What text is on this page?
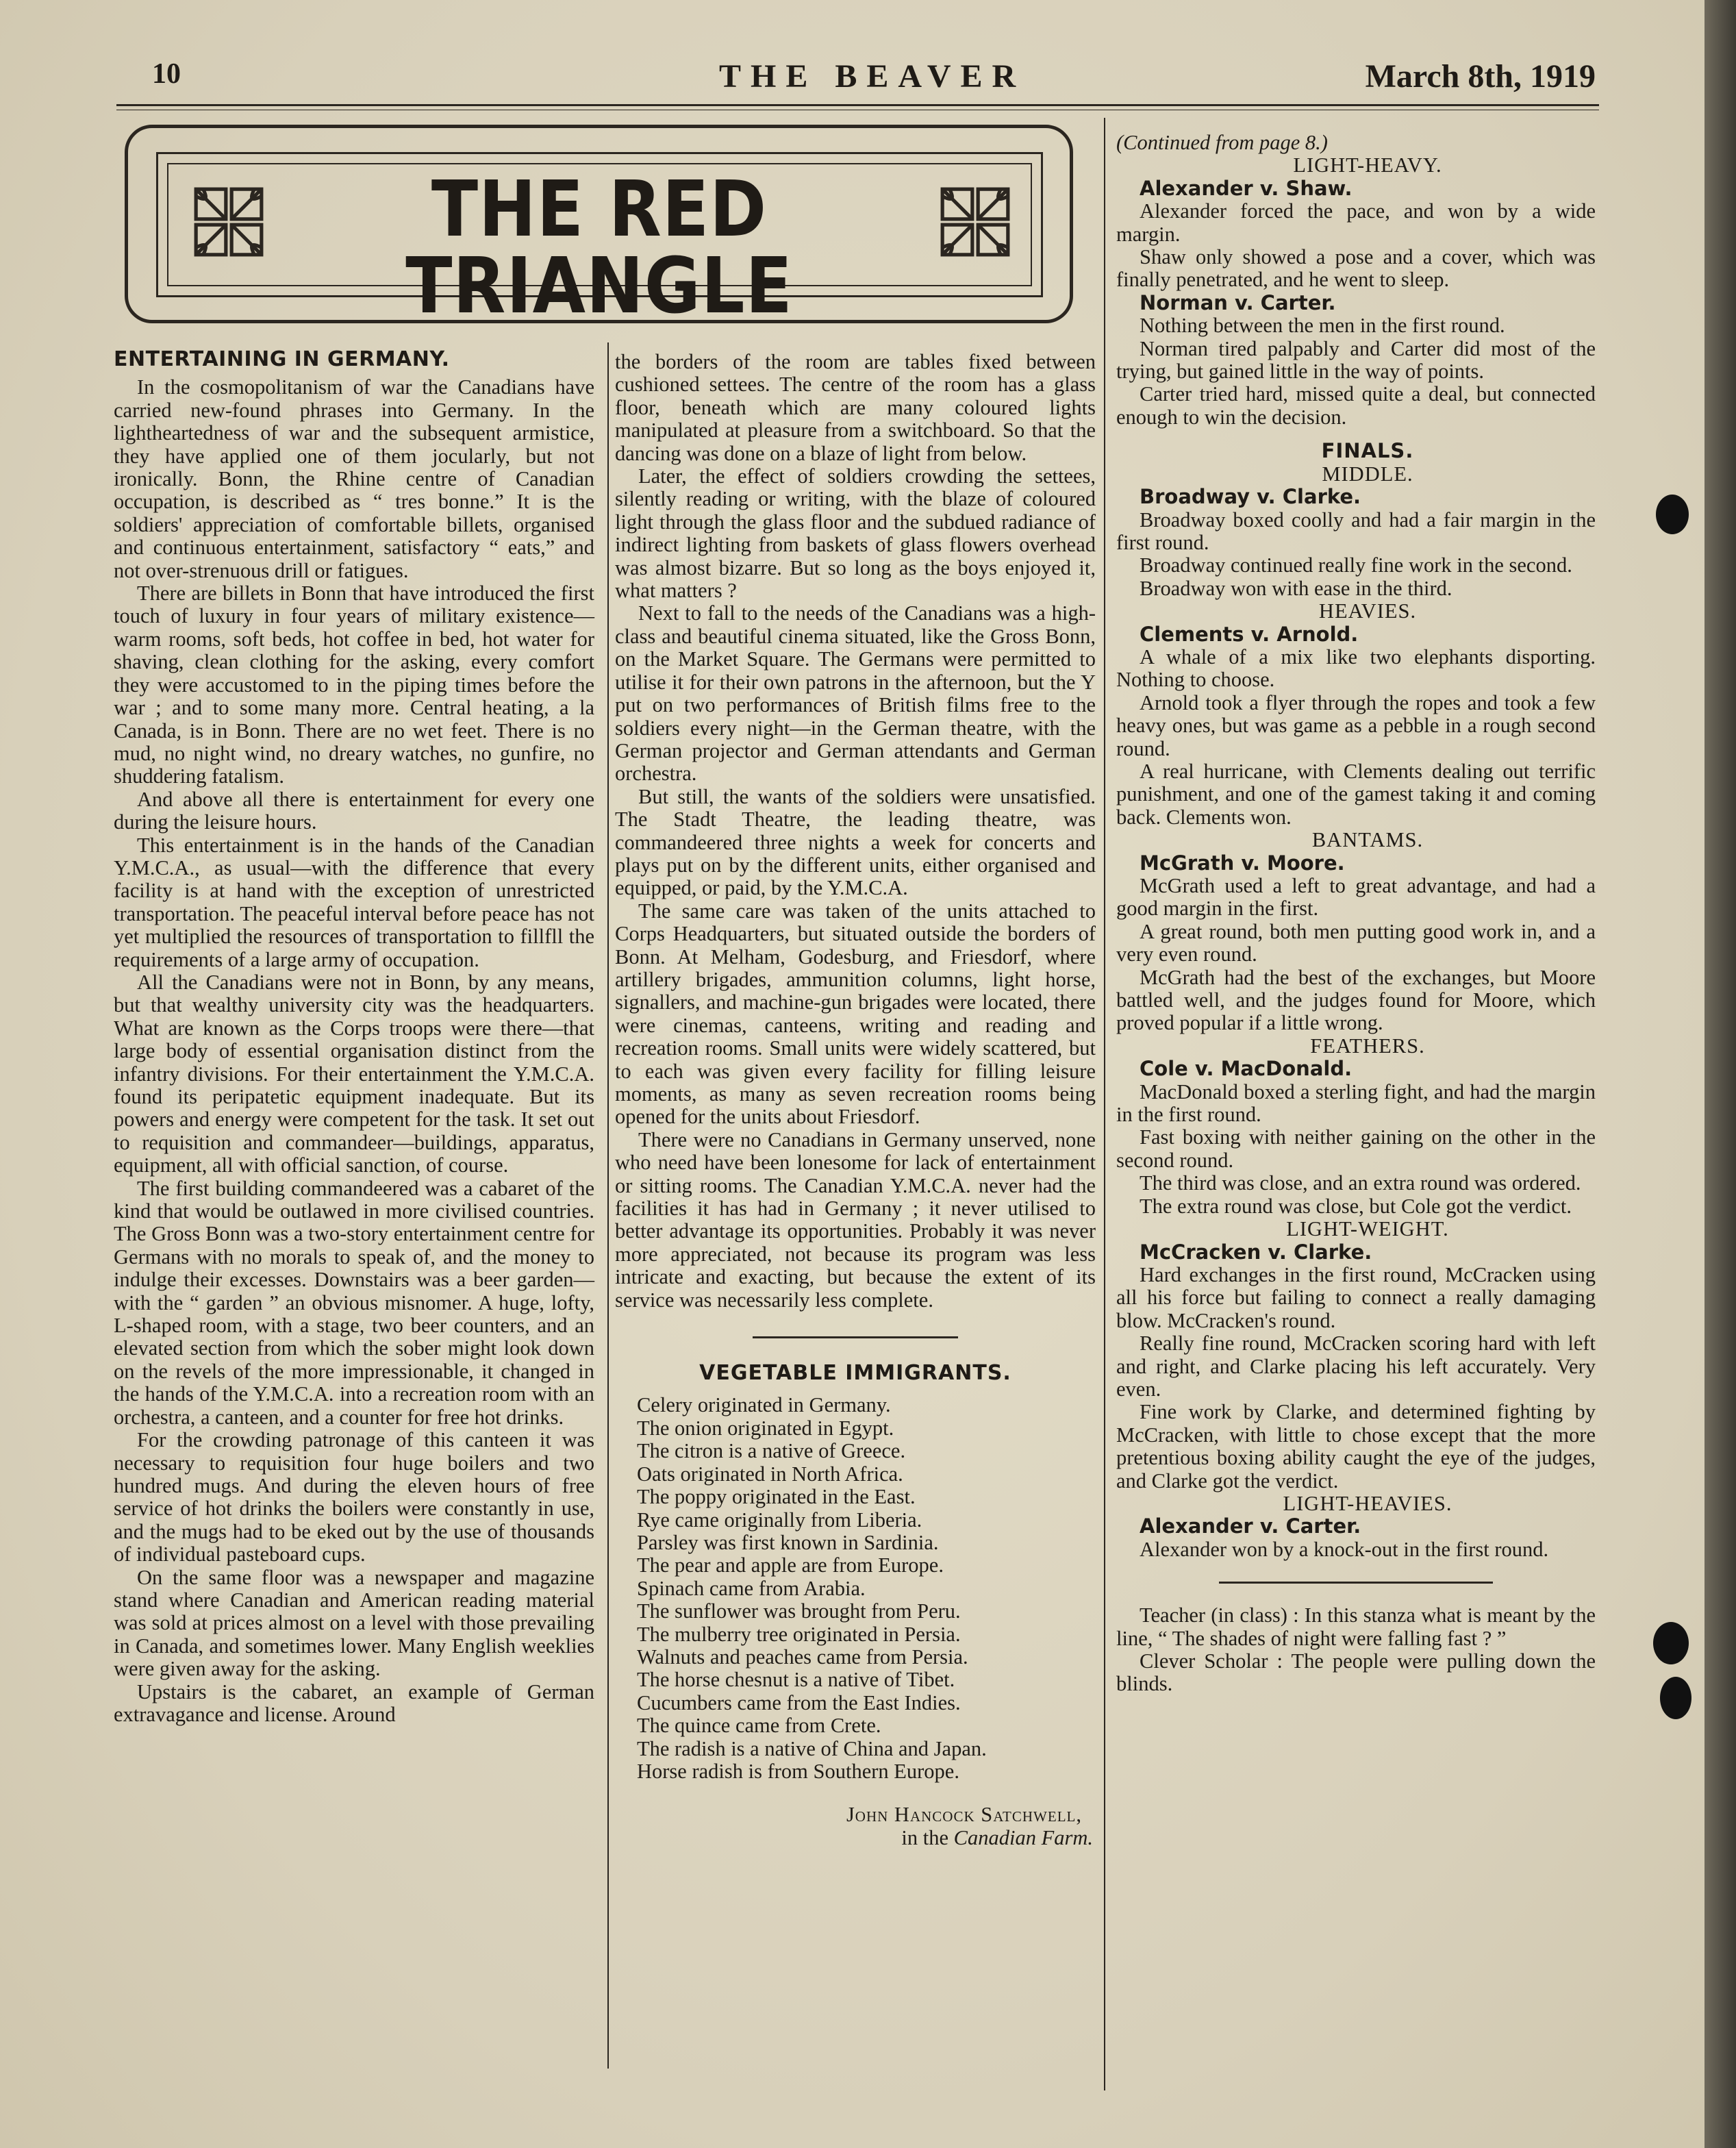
10	THE BEAVER	March 8th, 1919
THE RED TRIANGLE
ENTERTAINING IN GERMANY.

In the cosmopolitanism of war the Canadians have carried new-found phrases into Germany. In the lightheartedness of war and the subsequent armistice, they have applied one of them jocularly, but not ironically. Bonn, the Rhine centre of Canadian occupation, is described as “ tres bonne.” It is the soldiers' appreciation of comfortable billets, organised and continuous entertainment, satisfactory “ eats,” and not over-strenuous drill or fatigues.

There are billets in Bonn that have introduced the first touch of luxury in four years of military existence—warm rooms, soft beds, hot coffee in bed, hot water for shaving, clean clothing for the asking, every comfort they were accustomed to in the piping times before the war ; and to some many more. Central heating, a la Canada, is in Bonn. There are no wet feet. There is no mud, no night wind, no dreary watches, no gunfire, no shuddering fatalism.

And above all there is entertainment for every one during the leisure hours.

This entertainment is in the hands of the Canadian Y.M.C.A., as usual—with the difference that every facility is at hand with the exception of unrestricted transportation. The peaceful interval before peace has not yet multiplied the resources of transportation to fillfll the requirements of a large army of occupation.

All the Canadians were not in Bonn, by any means, but that wealthy university city was the headquarters. What are known as the Corps troops were there—that large body of essential organisation distinct from the infantry divisions. For their entertainment the Y.M.C.A. found its peripatetic equipment inadequate. But its powers and energy were competent for the task. It set out to requisition and commandeer—buildings, apparatus, equipment, all with official sanction, of course.

The first building commandeered was a cabaret of the kind that would be outlawed in more civilised countries. The Gross Bonn was a two-story entertainment centre for Germans with no morals to speak of, and the money to indulge their excesses. Downstairs was a beer garden—with the “ garden ” an obvious misnomer. A huge, lofty, L-shaped room, with a stage, two beer counters, and an elevated section from which the sober might look down on the revels of the more impressionable, it changed in the hands of the Y.M.C.A. into a recreation room with an orchestra, a canteen, and a counter for free hot drinks.

For the crowding patronage of this canteen it was necessary to requisition four huge boilers and two hundred mugs. And during the eleven hours of free service of hot drinks the boilers were constantly in use, and the mugs had to be eked out by the use of thousands of individual pasteboard cups.

On the same floor was a newspaper and magazine stand where Canadian and American reading material was sold at prices almost on a level with those prevailing in Canada, and sometimes lower. Many English weeklies were given away for the asking.

Upstairs is the cabaret, an example of German extravagance and license. Around

the borders of the room are tables fixed between cushioned settees. The centre of the room has a glass floor, beneath which are many coloured lights manipulated at pleasure from a switchboard. So that the dancing was done on a blaze of light from below.

Later, the effect of soldiers crowding the settees, silently reading or writing, with the blaze of coloured light through the glass floor and the subdued radiance of indirect lighting from baskets of glass flowers overhead was almost bizarre. But so long as the boys enjoyed it, what matters ?

Next to fall to the needs of the Canadians was a high-class and beautiful cinema situated, like the Gross Bonn, on the Market Square. The Germans were permitted to utilise it for their own patrons in the afternoon, but the Y put on two performances of British films free to the soldiers every night—in the German theatre, with the German projector and German attendants and German orchestra.

But still, the wants of the soldiers were unsatisfied. The Stadt Theatre, the leading theatre, was commandeered three nights a week for concerts and plays put on by the different units, either organised and equipped, or paid, by the Y.M.C.A.

The same care was taken of the units attached to Corps Headquarters, but situated outside the borders of Bonn. At Melham, Godesburg, and Friesdorf, where artillery brigades, ammunition columns, light horse, signallers, and machine-gun brigades were located, there were cinemas, canteens, writing and reading and recreation rooms. Small units were widely scattered, but to each was given every facility for filling leisure moments, as many as seven recreation rooms being opened for the units about Friesdorf.

There were no Canadians in Germany unserved, none who need have been lonesome for lack of entertainment or sitting rooms. The Canadian Y.M.C.A. never had the facilities it has had in Germany ; it never utilised to better advantage its opportunities. Probably it was never more appreciated, not because its program was less intricate and exacting, but because the extent of its service was necessarily less complete.

VEGETABLE IMMIGRANTS.

Celery originated in Germany.

The onion originated in Egypt.

The citron is a native of Greece.

Oats originated in North Africa.

The poppy originated in the East.

Rye came originally from Liberia.

Parsley was first known in Sardinia.

The pear and apple are from Europe.

Spinach came from Arabia.

The sunflower was brought from Peru.

The mulberry tree originated in Persia.

Walnuts and peaches came from Persia.

The horse chesnut is a native of Tibet.

Cucumbers came from the East Indies.

The quince came from Crete.

The radish is a native of China and Japan.

Horse radish is from Southern Europe.

John Hancock Satchwell,

in the Canadian Farm.

(Continued from page 8.)

LIGHT-HEAVY.

Alexander v. Shaw.

Alexander forced the pace, and won by a wide margin.

Shaw only showed a pose and a cover, which was finally penetrated, and he went to sleep.

Norman v. Carter.

Nothing between the men in the first round.

Norman tired palpably and Carter did most of the trying, but gained little in the way of points.

Carter tried hard, missed quite a deal, but connected enough to win the decision.

FINALS.

MIDDLE.

Broadway v. Clarke.

Broadway boxed coolly and had a fair margin in the first round.

Broadway continued really fine work in the second.

Broadway won with ease in the third.

HEAVIES.

Clements v. Arnold.

A whale of a mix like two elephants disporting. Nothing to choose.

Arnold took a flyer through the ropes and took a few heavy ones, but was game as a pebble in a rough second round.

A real hurricane, with Clements dealing out terrific punishment, and one of the gamest taking it and coming back. Clements won.

BANTAMS.

McGrath v. Moore.

McGrath used a left to great advantage, and had a good margin in the first.

A great round, both men putting good work in, and a very even round.

McGrath had the best of the exchanges, but Moore battled well, and the judges found for Moore, which proved popular if a little wrong.

FEATHERS.

Cole v. MacDonald.

MacDonald boxed a sterling fight, and had the margin in the first round.

Fast boxing with neither gaining on the other in the second round.

The third was close, and an extra round was ordered.

The extra round was close, but Cole got the verdict.

LIGHT-WEIGHT.

McCracken v. Clarke.

Hard exchanges in the first round, McCracken using all his force but failing to connect a really damaging blow. McCracken's round.

Really fine round, McCracken scoring hard with left and right, and Clarke placing his left accurately. Very even.

Fine work by Clarke, and determined fighting by McCracken, with little to chose except that the more pretentious boxing ability caught the eye of the judges, and Clarke got the verdict.

LIGHT-HEAVIES.

Alexander v. Carter.

Alexander won by a knock-out in the first round.

Teacher (in class) : In this stanza what is meant by the line, “ The shades of night were falling fast ? ”

Clever Scholar : The people were pulling down the blinds.
